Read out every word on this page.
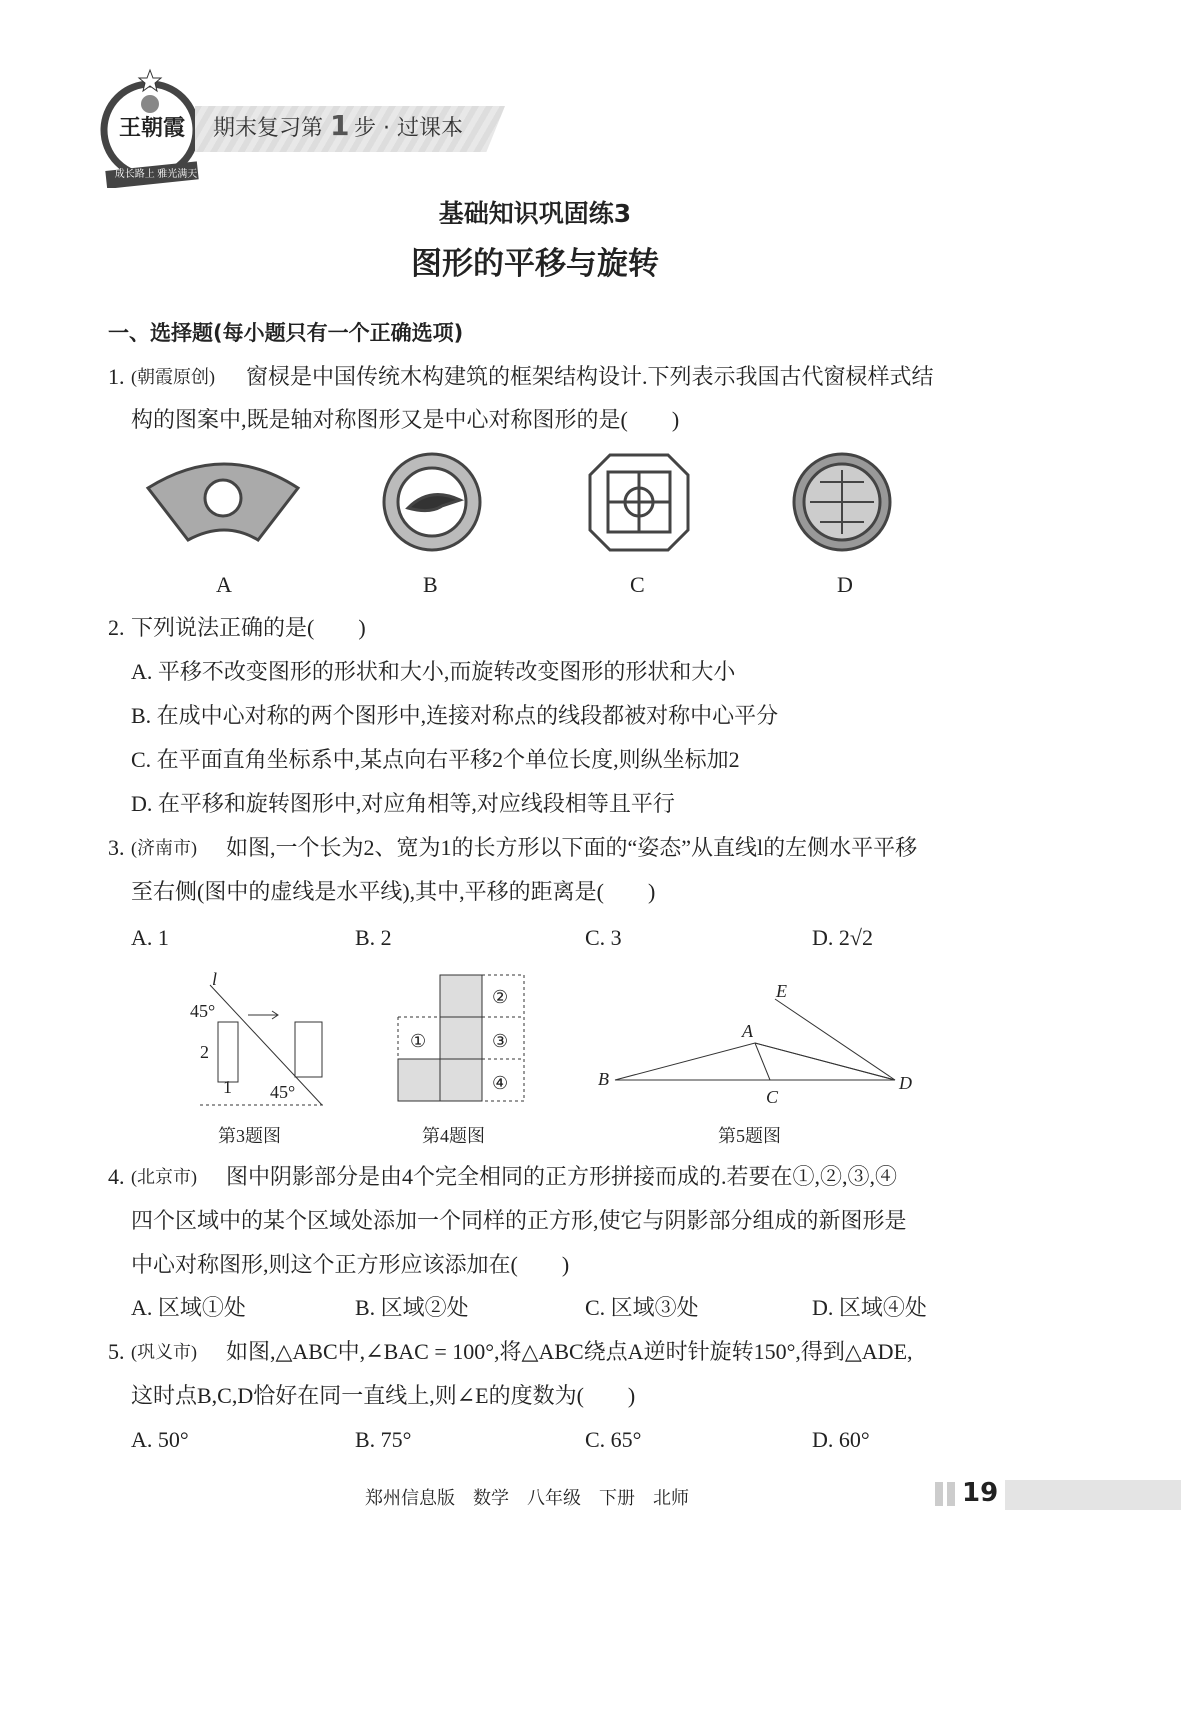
王朝霞
成长路上 雅光满天
期末复习第 1 步 · 过课本
基础知识巩固练3
图形的平移与旋转
一、选择题(每小题只有一个正确选项)
1. (朝霞原创) 窗棂是中国传统木构建筑的框架结构设计.下列表示我国古代窗棂样式结
构的图案中,既是轴对称图形又是中心对称图形的是(　　)
A	B	C	D
2. 下列说法正确的是(　　)
A. 平移不改变图形的形状和大小,而旋转改变图形的形状和大小
B. 在成中心对称的两个图形中,连接对称点的线段都被对称中心平分
C. 在平面直角坐标系中,某点向右平移2个单位长度,则纵坐标加2
D. 在平移和旋转图形中,对应角相等,对应线段相等且平行
3. (济南市) 如图,一个长为2、宽为1的长方形以下面的“姿态”从直线l的左侧水平平移
至右侧(图中的虚线是水平线),其中,平移的距离是(　　)
A. 1	B. 2	C. 3	D. 2√2
l
45°
2
1 45°
①
②
③
④
E
A
B
C
D
第3题图	第4题图	第5题图
4. (北京市) 图中阴影部分是由4个完全相同的正方形拼接而成的.若要在①,②,③,④
四个区域中的某个区域处添加一个同样的正方形,使它与阴影部分组成的新图形是
中心对称图形,则这个正方形应该添加在(　　)
A. 区域①处	B. 区域②处	C. 区域③处	D. 区域④处
5. (巩义市) 如图,△ABC中,∠BAC = 100°,将△ABC绕点A逆时针旋转150°,得到△ADE,
这时点B,C,D恰好在同一直线上,则∠E的度数为(　　)
A. 50°	B. 75°	C. 65°	D. 60°
郑州信息版　数学　八年级　下册　北师	19
